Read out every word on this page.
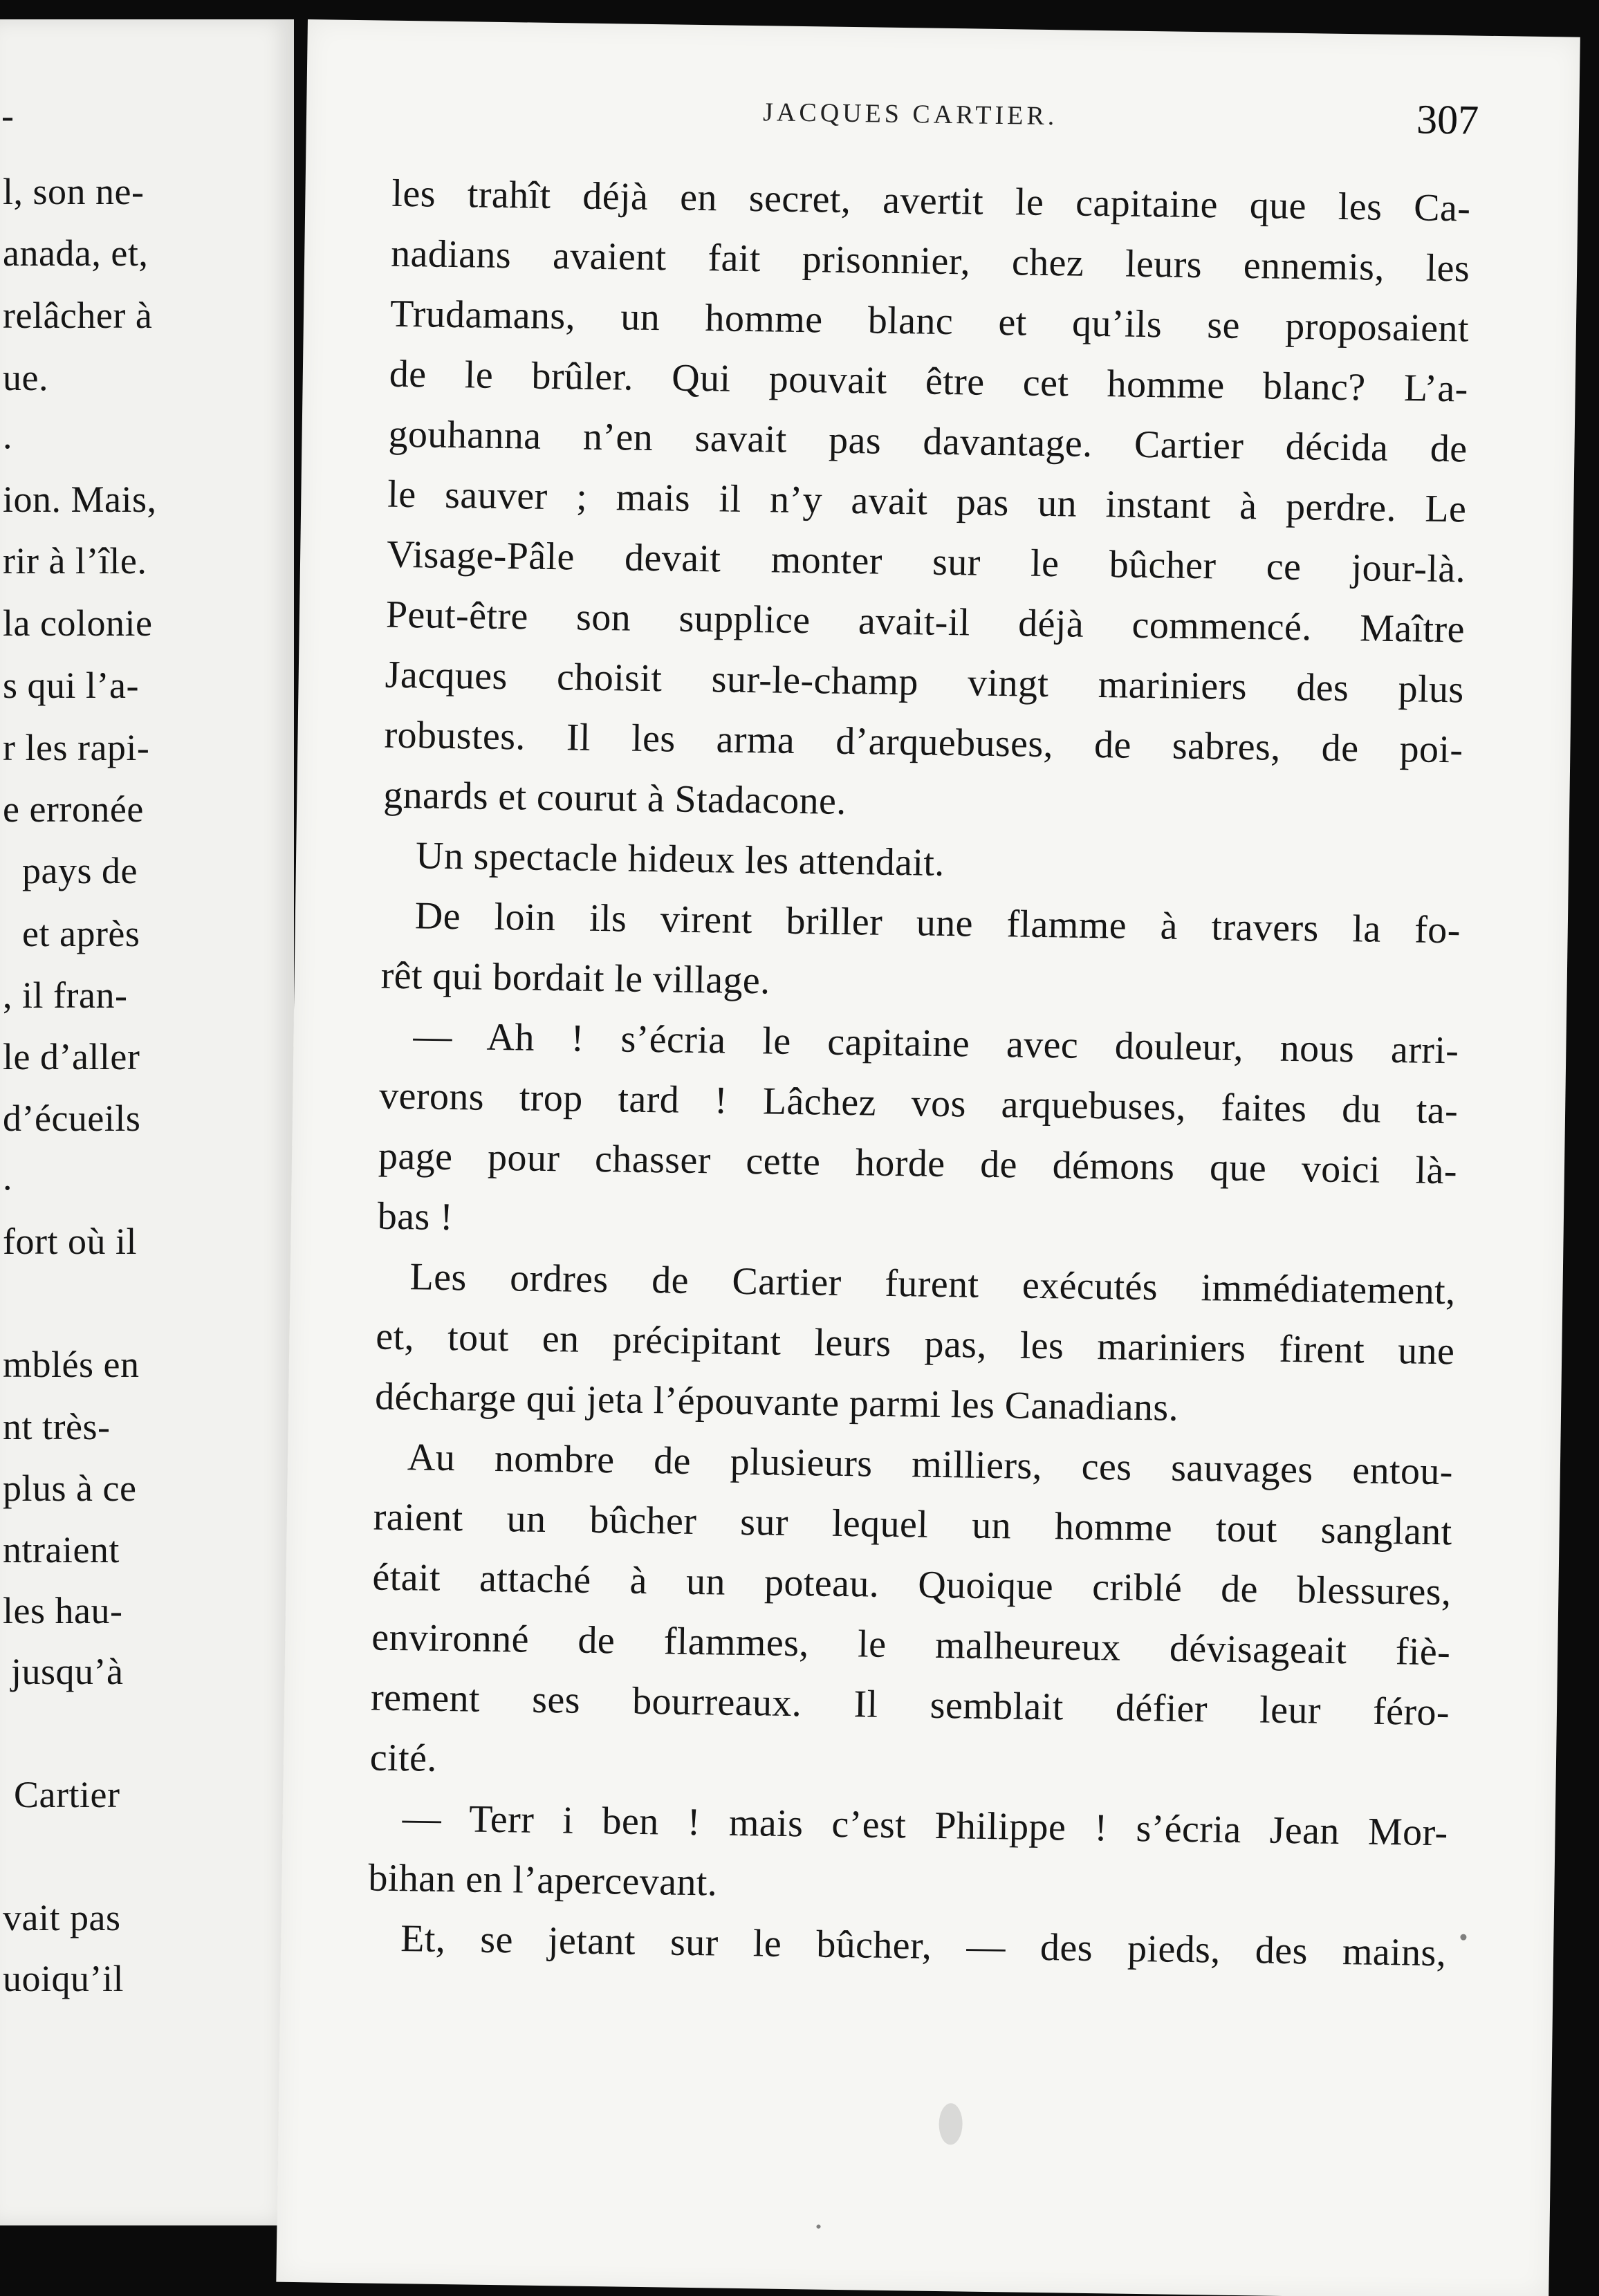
-
l, son ne-
anada, et,
relâcher à
ue.
.
ion. Mais,
rir à l’île.
la colonie
s qui l’a-
r les rapi-
e erronée
pays de
et après
, il fran-
le d’aller
d’écueils
.
fort où il
mblés en
nt très-
plus à ce
ntraient
les hau-
jusqu’à
Cartier
vait pas
uoiqu’il
JACQUES CARTIER.	307
les trahît déjà en secret, avertit le capitaine que les Ca-
nadians avaient fait prisonnier, chez leurs ennemis, les
Trudamans, un homme blanc et qu’ils se proposaient
de le brûler. Qui pouvait être cet homme blanc? L’a-
gouhanna n’en savait pas davantage. Cartier décida de
le sauver ; mais il n’y avait pas un instant à perdre. Le
Visage-Pâle devait monter sur le bûcher ce jour-là.
Peut-être son supplice avait-il déjà commencé. Maître
Jacques choisit sur-le-champ vingt mariniers des plus
robustes. Il les arma d’arquebuses, de sabres, de poi-
gnards et courut à Stadacone.
Un spectacle hideux les attendait.
De loin ils virent briller une flamme à travers la fo-
rêt qui bordait le village.
— Ah ! s’écria le capitaine avec douleur, nous arri-
verons trop tard ! Lâchez vos arquebuses, faites du ta-
page pour chasser cette horde de démons que voici là-
bas !
Les ordres de Cartier furent exécutés immédiatement,
et, tout en précipitant leurs pas, les mariniers firent une
décharge qui jeta l’épouvante parmi les Canadians.
Au nombre de plusieurs milliers, ces sauvages entou-
raient un bûcher sur lequel un homme tout sanglant
était attaché à un poteau. Quoique criblé de blessures,
environné de flammes, le malheureux dévisageait fiè-
rement ses bourreaux. Il semblait défier leur féro-
cité.
— Terr i ben ! mais c’est Philippe ! s’écria Jean Mor-
bihan en l’apercevant.
Et, se jetant sur le bûcher, — des pieds, des mains,
